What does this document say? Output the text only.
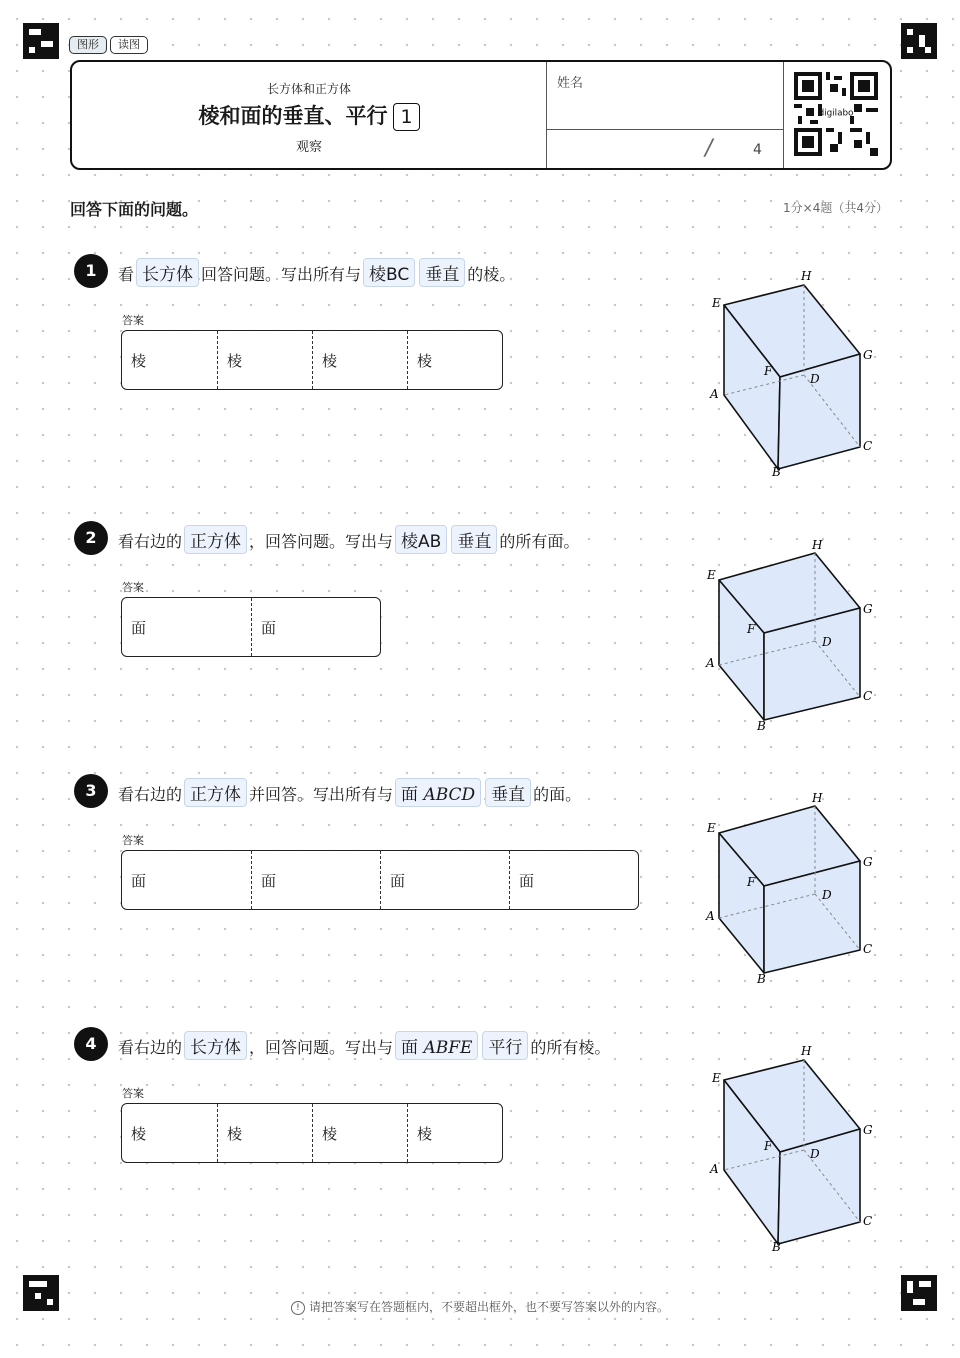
图形	读图
长方体和正方体
棱和面的垂直、平行 1
观察
姓名
/	4
digilabo
回答下面的问题。	1分×4题（共4分）
1	看 长方体 回答问题。写出所有与 棱BC 垂直 的棱。
答案
棱	棱	棱	棱
2	看右边的 正方体 ，回答问题。写出与 棱AB 垂直 的所有面。
答案
面	面
3	看右边的 正方体 并回答。写出所有与 面 ABCD 垂直 的面。
答案
面	面	面	面
4	看右边的 长方体 ，回答问题。写出与 面 ABFE 平行 的所有棱。
答案
棱	棱	棱	棱
A
B
C
D
E
F
G
H
A
B
C
D
E
F
G
H
A
B
C
D
E
F
G
H
A
B
C
D
E
F
G
H
! 请把答案写在答题框内，不要超出框外，也不要写答案以外的内容。
